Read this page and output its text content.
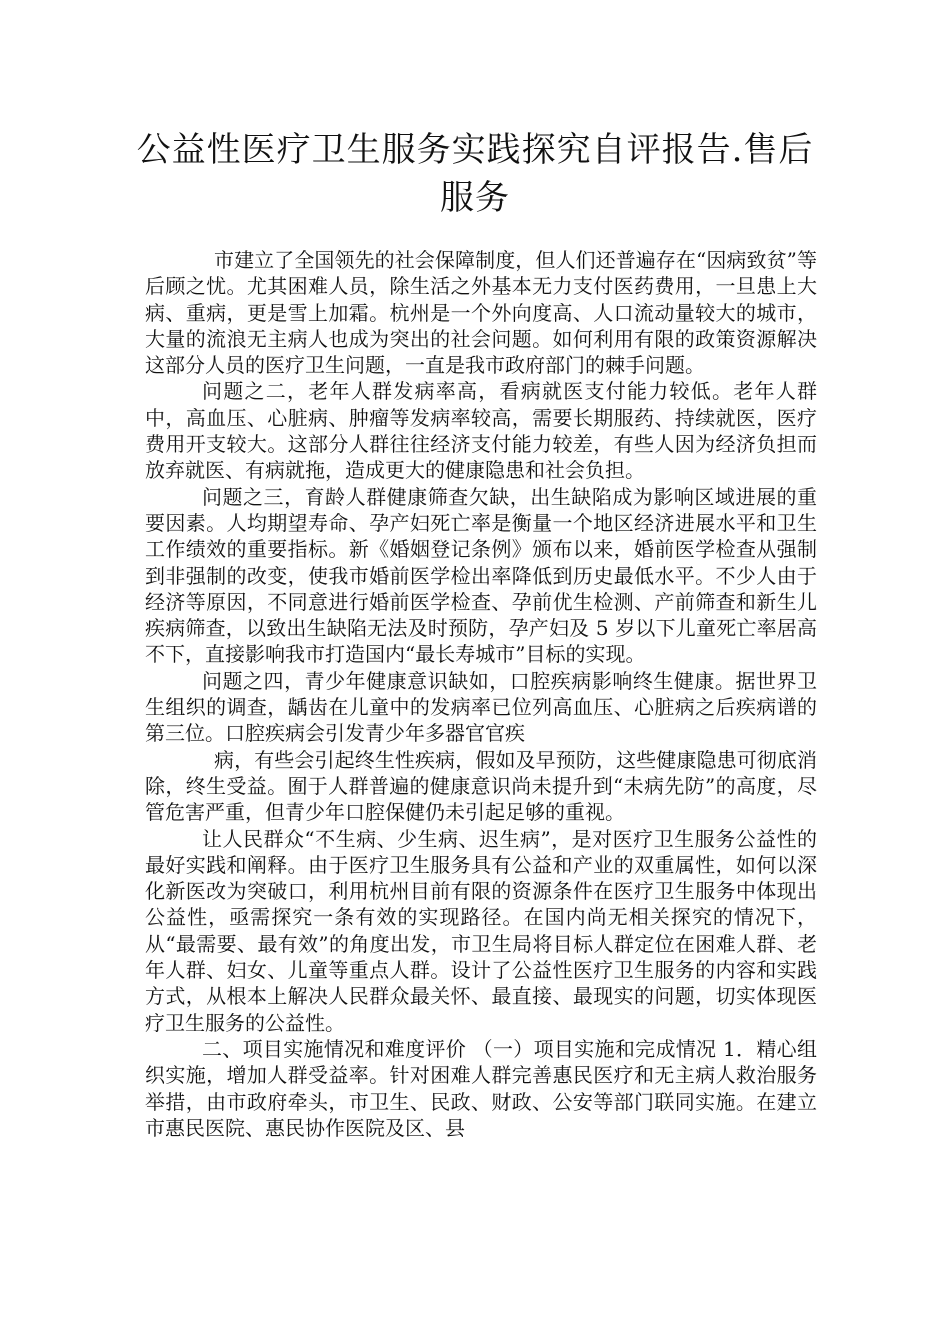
公益性医疗卫生服务实践探究自评报告.售后服务

市建立了全国领先的社会保障制度，但人们还普遍存在“因病致贫”等后顾之忧。尤其困难人员，除生活之外基本无力支付医药费用，一旦患上大病、重病，更是雪上加霜。杭州是一个外向度高、人口流动量较大的城市，大量的流浪无主病人也成为突出的社会问题。如何利用有限的政策资源解决这部分人员的医疗卫生问题，一直是我市政府部门的棘手问题。

问题之二，老年人群发病率高，看病就医支付能力较低。老年人群中，高血压、心脏病、肿瘤等发病率较高，需要长期服药、持续就医，医疗费用开支较大。这部分人群往往经济支付能力较差，有些人因为经济负担而放弃就医、有病就拖，造成更大的健康隐患和社会负担。

问题之三，育龄人群健康筛查欠缺，出生缺陷成为影响区域进展的重要因素。人均期望寿命、孕产妇死亡率是衡量一个地区经济进展水平和卫生工作绩效的重要指标。新《婚姻登记条例》颁布以来，婚前医学检查从强制到非强制的改变，使我市婚前医学检出率降低到历史最低水平。不少人由于经济等原因，不同意进行婚前医学检查、孕前优生检测、产前筛查和新生儿疾病筛查，以致出生缺陷无法及时预防，孕产妇及 5 岁以下儿童死亡率居高不下，直接影响我市打造国内“最长寿城市”目标的实现。

问题之四，青少年健康意识缺如，口腔疾病影响终生健康。据世界卫生组织的调查，龋齿在儿童中的发病率已位列高血压、心脏病之后疾病谱的第三位。口腔疾病会引发青少年多器官官疾

病，有些会引起终生性疾病，假如及早预防，这些健康隐患可彻底消除，终生受益。囿于人群普遍的健康意识尚未提升到“未病先防”的高度，尽管危害严重，但青少年口腔保健仍未引起足够的重视。

让人民群众“不生病、少生病、迟生病”，是对医疗卫生服务公益性的最好实践和阐释。由于医疗卫生服务具有公益和产业的双重属性，如何以深化新医改为突破口，利用杭州目前有限的资源条件在医疗卫生服务中体现出公益性，亟需探究一条有效的实现路径。在国内尚无相关探究的情况下，从“最需要、最有效”的角度出发，市卫生局将目标人群定位在困难人群、老年人群、妇女、儿童等重点人群。设计了公益性医疗卫生服务的内容和实践方式，从根本上解决人民群众最关怀、最直接、最现实的问题，切实体现医疗卫生服务的公益性。

二、项目实施情况和难度评价 （一）项目实施和完成情况 1．精心组织实施，增加人群受益率。针对困难人群完善惠民医疗和无主病人救治服务举措，由市政府牵头，市卫生、民政、财政、公安等部门联同实施。在建立市惠民医院、惠民协作医院及区、县
